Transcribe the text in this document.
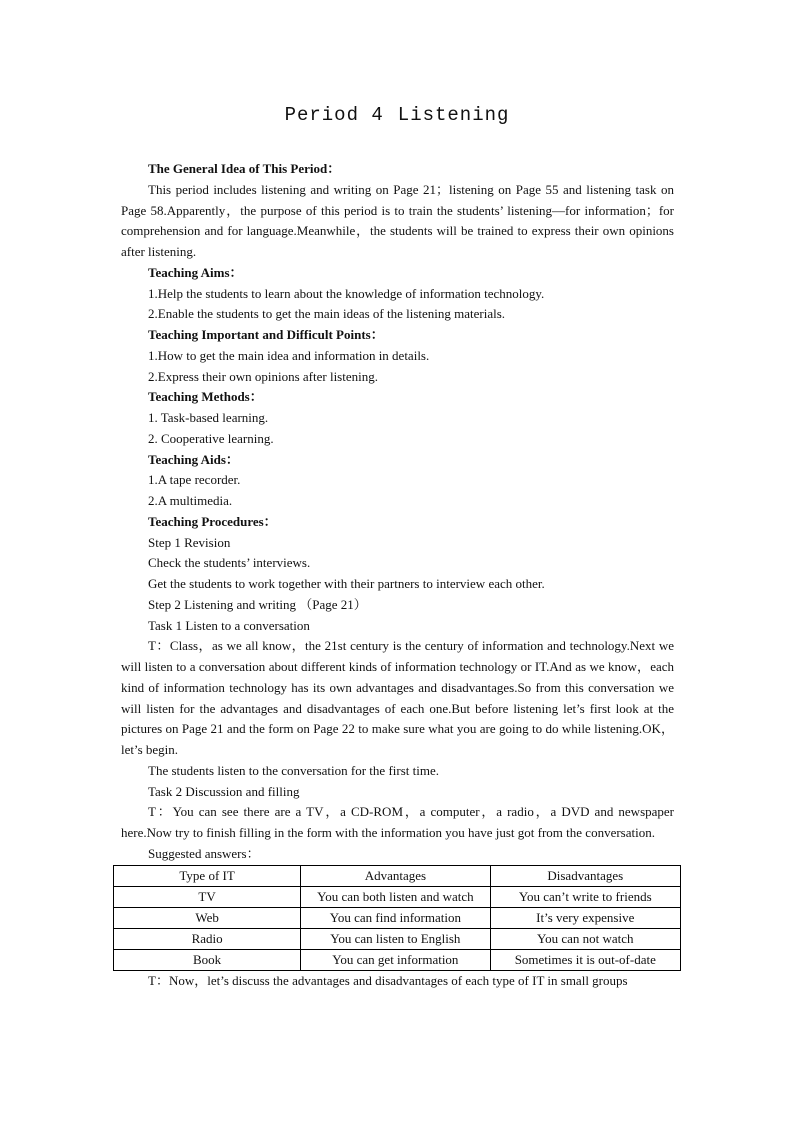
Period 4 Listening

The General Idea of This Period：

This period includes listening and writing on Page 21；listening on Page 55 and listening task on Page 58.Apparently，the purpose of this period is to train the students’ listening—for information；for comprehension and for language.Meanwhile，the students will be trained to express their own opinions after listening.

Teaching Aims：

1.Help the students to learn about the knowledge of information technology.

2.Enable the students to get the main ideas of the listening materials.

Teaching Important and Difficult Points：

1.How to get the main idea and information in details.

2.Express their own opinions after listening.

Teaching Methods：

1. Task-based learning.

2. Cooperative learning.

Teaching Aids：

1.A tape recorder.

2.A multimedia.

Teaching Procedures：

Step 1 Revision

Check the students’ interviews.

Get the students to work together with their partners to interview each other.

Step 2 Listening and writing （Page 21）

Task 1 Listen to a conversation

T：Class，as we all know，the 21st century is the century of information and technology.Next we will listen to a conversation about different kinds of information technology or IT.And as we know，each kind of information technology has its own advantages and disadvantages.So from this conversation we will listen for the advantages and disadvantages of each one.But before listening let’s first look at the pictures on Page 21 and the form on Page 22 to make sure what you are going to do while listening.OK，let’s begin.

The students listen to the conversation for the first time.

Task 2 Discussion and filling

T：You can see there are a TV，a CD-ROM，a computer，a radio，a DVD and newspaper here.Now try to finish filling in the form with the information you have just got from the conversation.

Suggested answers：

Type of IT	Advantages	Disadvantages
TV	You can both listen and watch	You can’t write to friends
Web	You can find information	It’s very expensive
Radio	You can listen to English	You can not watch
Book	You can get information	Sometimes it is out-of-date

T：Now，let’s discuss the advantages and disadvantages of each type of IT in small groups
